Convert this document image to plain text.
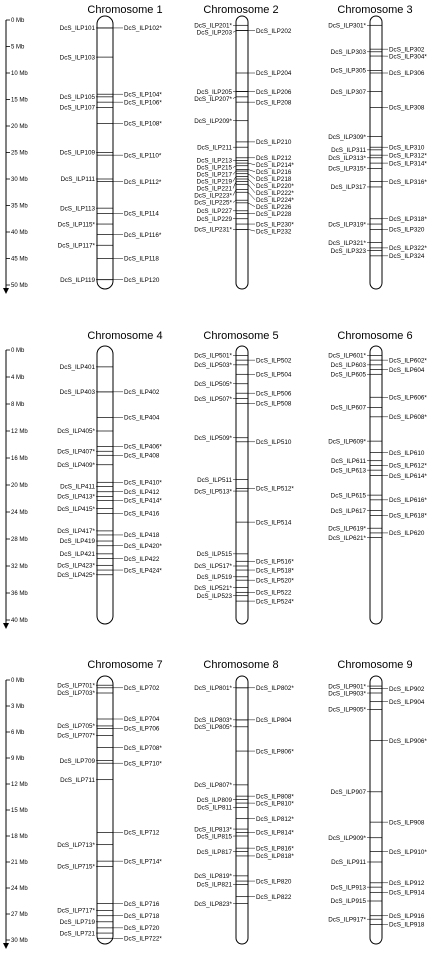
0 Mb
5 Mb
10 Mb
15 Mb
20 Mb
25 Mb
30 Mb
35 Mb
40 Mb
45 Mb
50 Mb
0 Mb
4 Mb
8 Mb
12 Mb
16 Mb
20 Mb
24 Mb
28 Mb
32 Mb
36 Mb
40 Mb
0 Mb
3 Mb
6 Mb
9 Mb
12 Mb
15 Mb
18 Mb
21 Mb
24 Mb
27 Mb
30 Mb
Chromosome 1
DcS_ILP101
DcS_ILP103
DcS_ILP105
DcS_ILP107
DcS_ILP109
DcS_ILP111
DcS_ILP113
DcS_ILP115*
DcS_ILP117*
DcS_ILP119
DcS_ILP102*
DcS_ILP104*
DcS_ILP106*
DcS_ILP108*
DcS_ILP110*
DcS_ILP112*
DcS_ILP114
DcS_ILP116*
DcS_ILP118
DcS_ILP120
Chromosome 2
DcS_ILP201*
DcS_ILP203
DcS_ILP205
DcS_ILP207*
DcS_ILP209*
DcS_ILP211
DcS_ILP213
DcS_ILP215
DcS_ILP217
DcS_ILP219
DcS_ILP221
DcS_ILP223*
DcS_ILP225*
DcS_ILP227
DcS_ILP229
DcS_ILP231*
DcS_ILP202
DcS_ILP204
DcS_ILP206
DcS_ILP208
DcS_ILP210
DcS_ILP212
DcS_ILP214*
DcS_ILP216
DcS_ILP218
DcS_ILP220*
DcS_ILP222*
DcS_ILP224*
DcS_ILP226
DcS_ILP228
DcS_ILP230*
DcS_ILP232
Chromosome 3
DcS_ILP301*
DcS_ILP303
DcS_ILP305
DcS_ILP307
DcS_ILP309*
DcS_ILP311
DcS_ILP313*
DcS_ILP315*
DcS_ILP317
DcS_ILP319*
DcS_ILP321*
DcS_ILP323
DcS_ILP302
DcS_ILP304*
DcS_ILP306
DcS_ILP308
DcS_ILP310
DcS_ILP312*
DcS_ILP314*
DcS_ILP316*
DcS_ILP318*
DcS_ILP320
DcS_ILP322*
DcS_ILP324
Chromosome 4
DcS_ILP401
DcS_ILP403
DcS_ILP405*
DcS_ILP407*
DcS_ILP409*
DcS_ILP411
DcS_ILP413*
DcS_ILP415*
DcS_ILP417*
DcS_ILP419
DcS_ILP421
DcS_ILP423*
DcS_ILP425*
DcS_ILP402
DcS_ILP404
DcS_ILP406*
DcS_ILP408
DcS_ILP410*
DcS_ILP412
DcS_ILP414*
DcS_ILP416
DcS_ILP418
DcS_ILP420*
DcS_ILP422
DcS_ILP424*
Chromosome 5
DcS_ILP501*
DcS_ILP503*
DcS_ILP505*
DcS_ILP507*
DcS_ILP509*
DcS_ILP511
DcS_ILP513*
DcS_ILP515
DcS_ILP517*
DcS_ILP519
DcS_ILP521*
DcS_ILP523
DcS_ILP502
DcS_ILP504
DcS_ILP506
DcS_ILP508
DcS_ILP510
DcS_ILP512*
DcS_ILP514
DcS_ILP516*
DcS_ILP518*
DcS_ILP520*
DcS_ILP522
DcS_ILP524*
Chromosome 6
DcS_ILP601*
DcS_ILP603
DcS_ILP605
DcS_ILP607
DcS_ILP609*
DcS_ILP611
DcS_ILP613
DcS_ILP615
DcS_ILP617
DcS_ILP619*
DcS_ILP621*
DcS_ILP602*
DcS_ILP604
DcS_ILP606*
DcS_ILP608*
DcS_ILP610
DcS_ILP612*
DcS_ILP614*
DcS_ILP616*
DcS_ILP618*
DcS_ILP620
Chromosome 7
DcS_ILP701*
DcS_ILP703*
DcS_ILP705*
DcS_ILP707*
DcS_ILP709
DcS_ILP711
DcS_ILP713*
DcS_ILP715*
DcS_ILP717*
DcS_ILP719
DcS_ILP721
DcS_ILP702
DcS_ILP704
DcS_ILP706
DcS_ILP708*
DcS_ILP710*
DcS_ILP712
DcS_ILP714*
DcS_ILP716
DcS_ILP718
DcS_ILP720
DcS_ILP722*
Chromosome 8
DcS_ILP801*
DcS_ILP803*
DcS_ILP805*
DcS_ILP807*
DcS_ILP809
DcS_ILP811
DcS_ILP813*
DcS_ILP815
DcS_ILP817
DcS_ILP819*
DcS_ILP821
DcS_ILP823*
DcS_ILP802*
DcS_ILP804
DcS_ILP806*
DcS_ILP808*
DcS_ILP810*
DcS_ILP812*
DcS_ILP814*
DcS_ILP816*
DcS_ILP818*
DcS_ILP820
DcS_ILP822
Chromosome 9
DcS_ILP901*
DcS_ILP903*
DcS_ILP905*
DcS_ILP907
DcS_ILP909*
DcS_ILP911
DcS_ILP913
DcS_ILP915
DcS_ILP917*
DcS_ILP902
DcS_ILP904
DcS_ILP906*
DcS_ILP908
DcS_ILP910*
DcS_ILP912
DcS_ILP914
DcS_ILP916
DcS_ILP918
